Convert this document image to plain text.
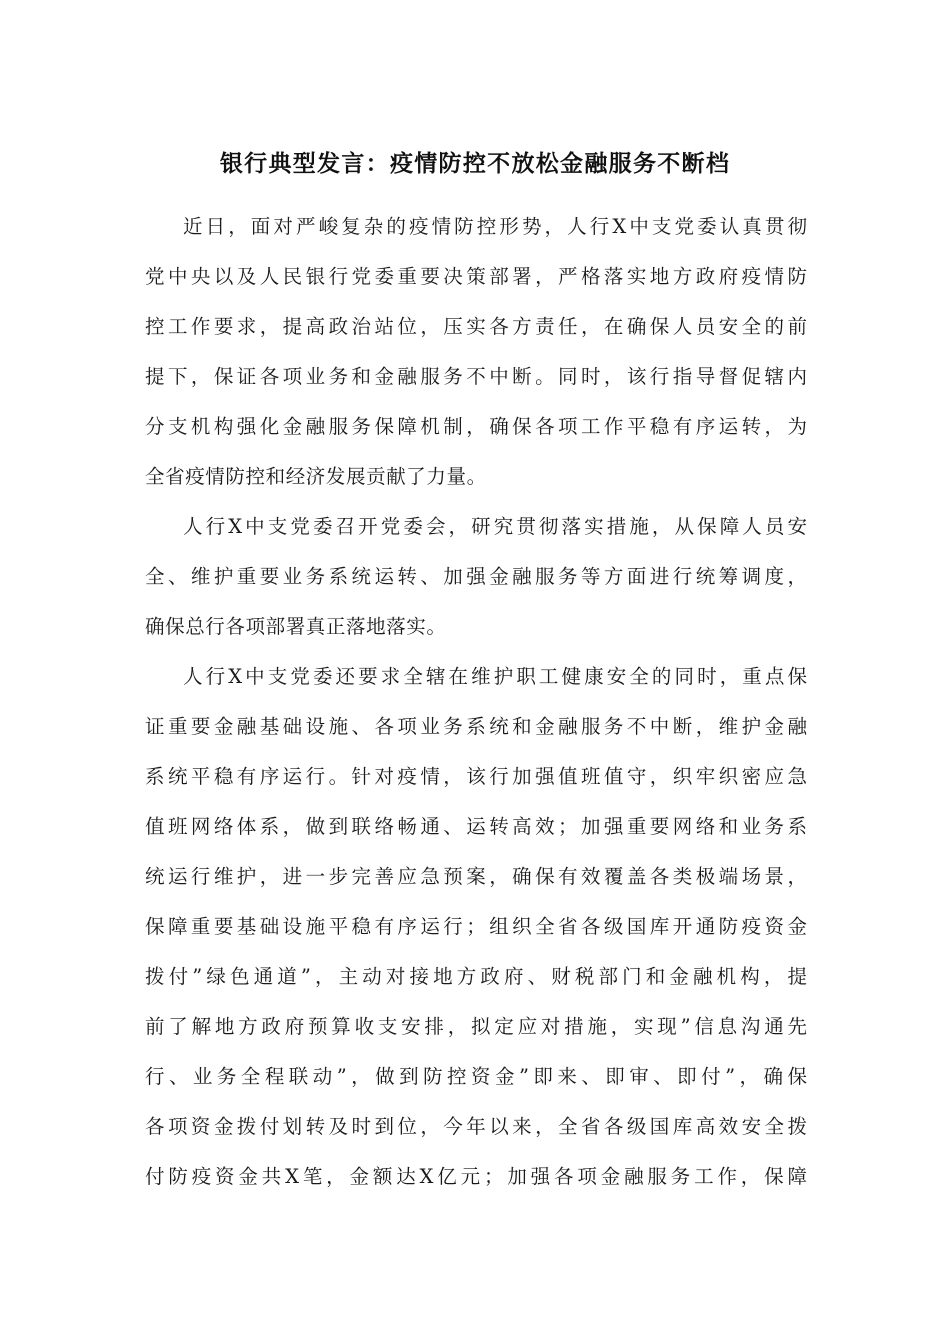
银行典型发言：疫情防控不放松金融服务不断档
近日，面对严峻复杂的疫情防控形势，人行X中支党委认真贯彻
党中央以及人民银行党委重要决策部署，严格落实地方政府疫情防
控工作要求，提高政治站位，压实各方责任，在确保人员安全的前
提下，保证各项业务和金融服务不中断。同时，该行指导督促辖内
分支机构强化金融服务保障机制，确保各项工作平稳有序运转，为
全省疫情防控和经济发展贡献了力量。
人行X中支党委召开党委会，研究贯彻落实措施，从保障人员安
全、维护重要业务系统运转、加强金融服务等方面进行统筹调度，
确保总行各项部署真正落地落实。
人行X中支党委还要求全辖在维护职工健康安全的同时，重点保
证重要金融基础设施、各项业务系统和金融服务不中断，维护金融
系统平稳有序运行。针对疫情，该行加强值班值守，织牢织密应急
值班网络体系，做到联络畅通、运转高效；加强重要网络和业务系
统运行维护，进一步完善应急预案，确保有效覆盖各类极端场景，
保障重要基础设施平稳有序运行；组织全省各级国库开通防疫资金
拨付”绿色通道”，主动对接地方政府、财税部门和金融机构，提
前了解地方政府预算收支安排，拟定应对措施，实现”信息沟通先
行、业务全程联动”，做到防控资金”即来、即审、即付”，确保
各项资金拨付划转及时到位，今年以来，全省各级国库高效安全拨
付防疫资金共X笔，金额达X亿元；加强各项金融服务工作，保障
